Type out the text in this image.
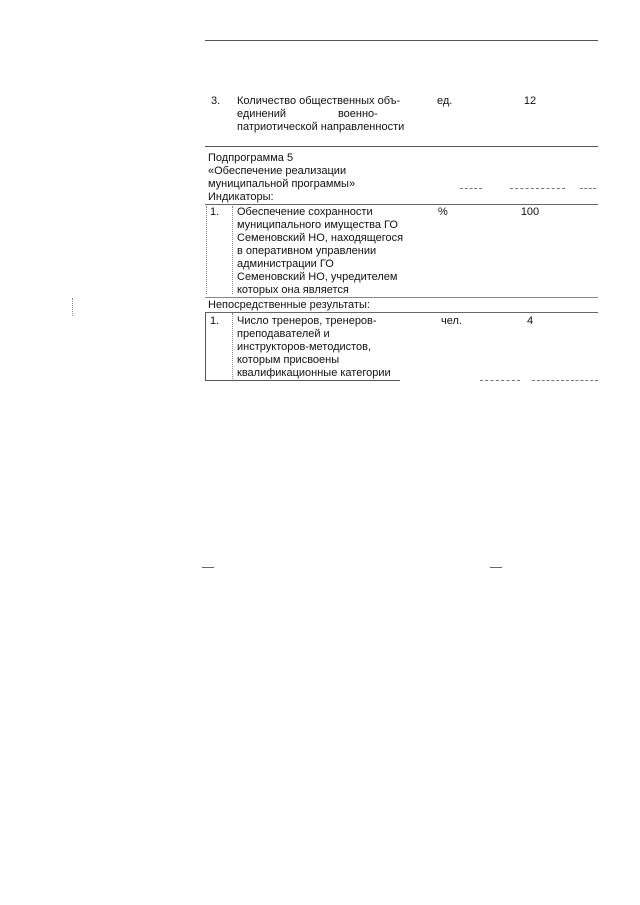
3. Количество общественных объ-
единений                 военно-
патриотической направленности
ед.	12
Подпрограмма 5
«Обеспечение реализации
муниципальной программы»
Индикаторы:
1. Обеспечение сохранности
муниципального имущества ГО
Семеновский НО, находящегося
в оперативном управлении
администрации ГО
Семеновский НО, учредителем
которых она является
%	100
Непосредственные результаты:
1. Число тренеров, тренеров-
преподавателей и
инструкторов-методистов,
которым присвоены
квалификационные категории
чел.	4
